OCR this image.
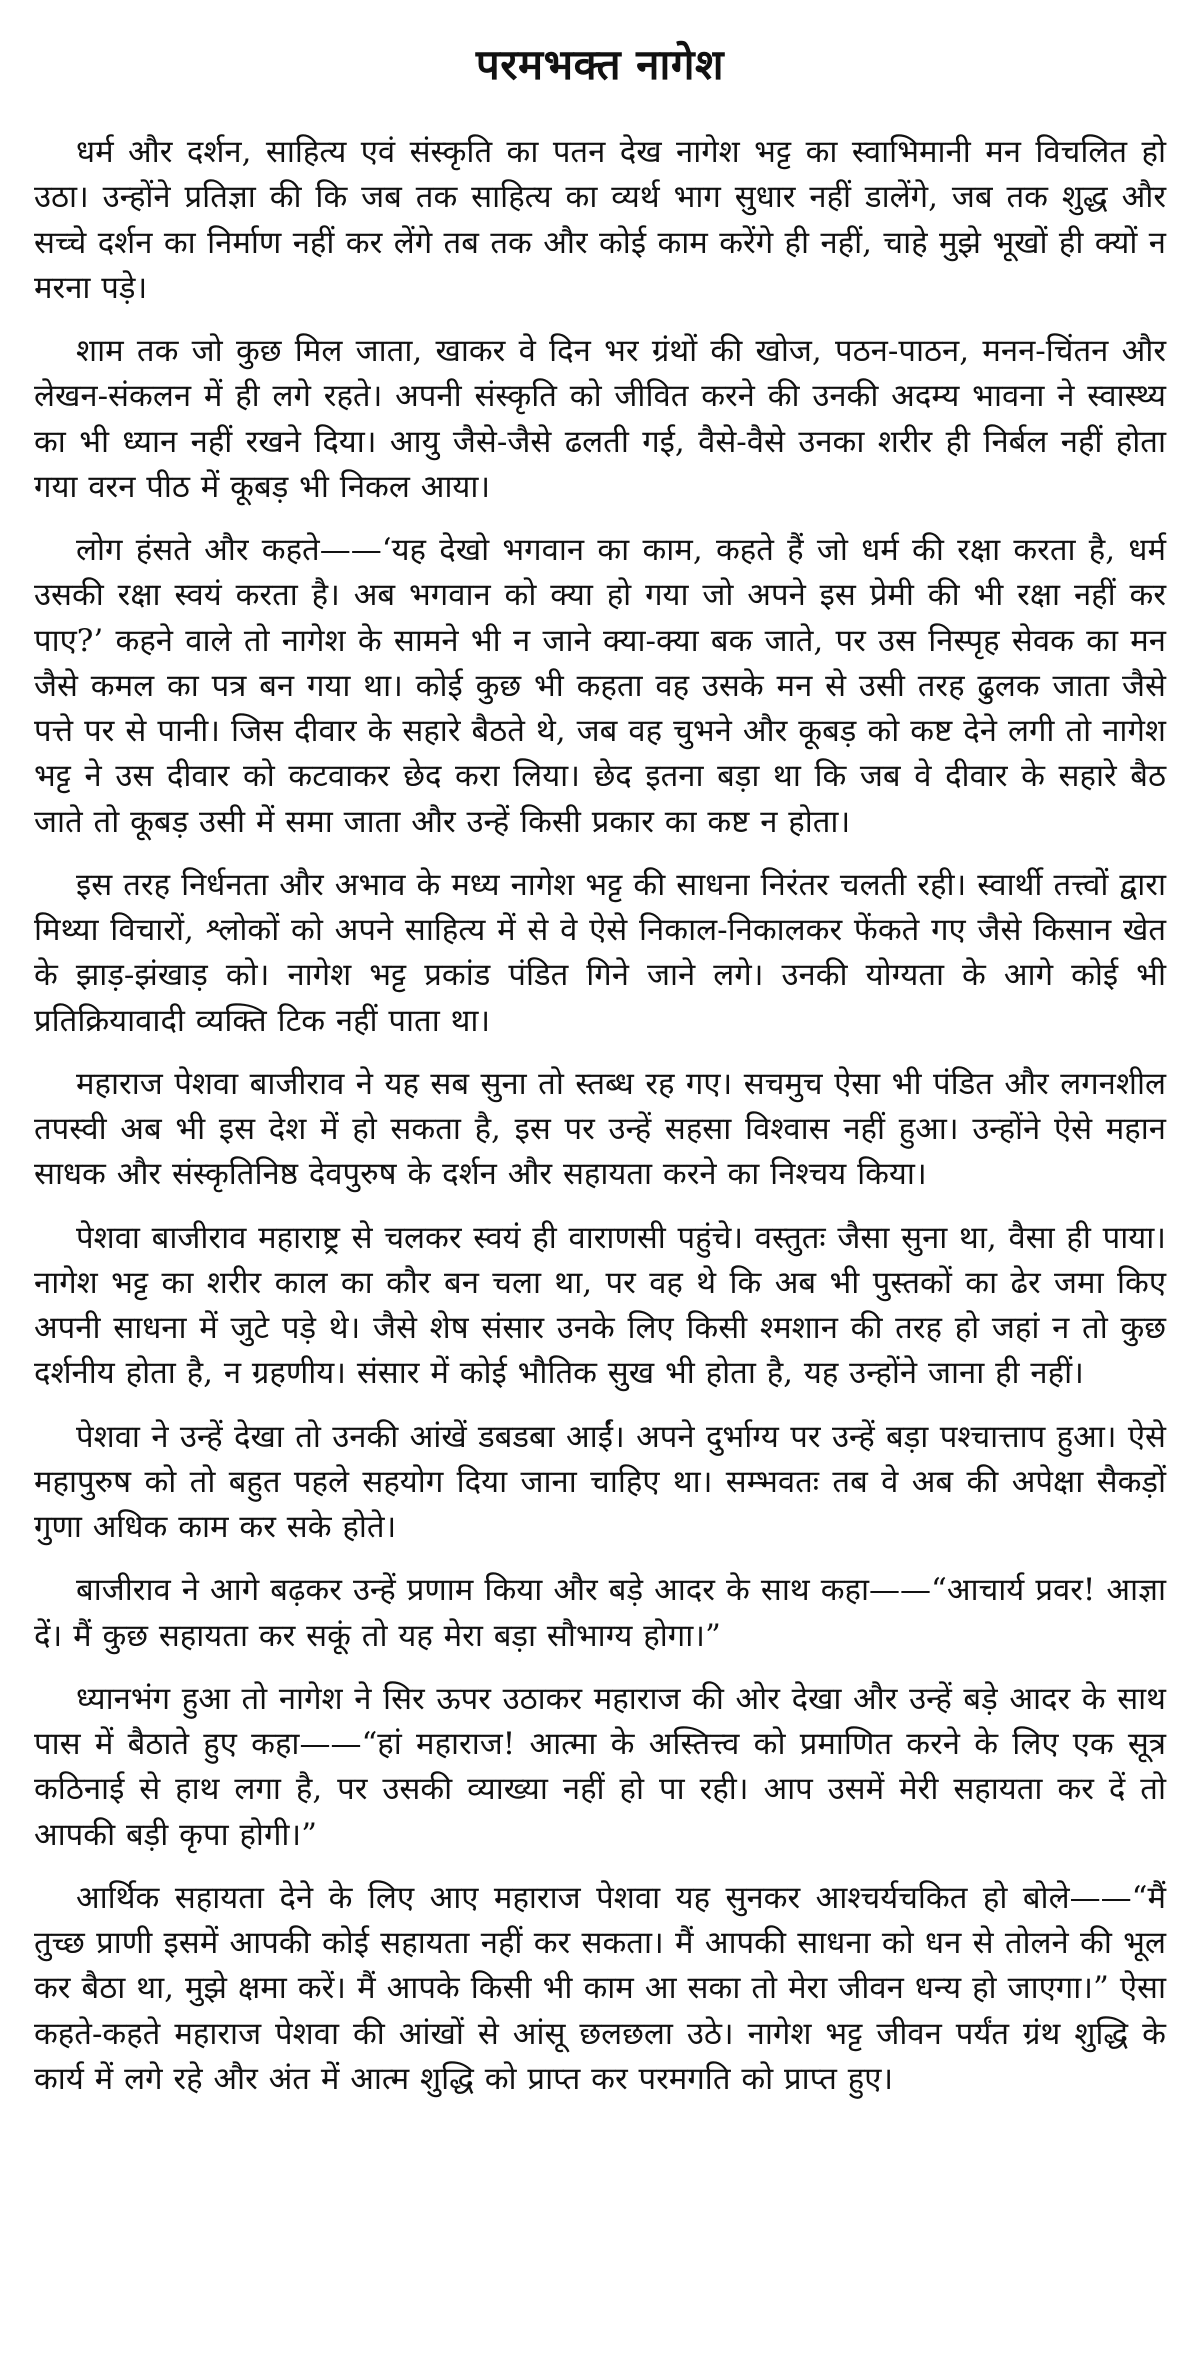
परमभक्त नागेश

धर्म और दर्शन, साहित्य एवं संस्कृति का पतन देख नागेश भट्ट का स्वाभिमानी मन विचलित हो उठा। उन्होंने प्रतिज्ञा की कि जब तक साहित्य का व्यर्थ भाग सुधार नहीं डालेंगे, जब तक शुद्ध और सच्चे दर्शन का निर्माण नहीं कर लेंगे तब तक और कोई काम करेंगे ही नहीं, चाहे मुझे भूखों ही क्यों न मरना पड़े।

शाम तक जो कुछ मिल जाता, खाकर वे दिन भर ग्रंथों की खोज, पठन-पाठन, मनन-चिंतन और लेखन-संकलन में ही लगे रहते। अपनी संस्कृति को जीवित करने की उनकी अदम्य भावना ने स्वास्थ्य का भी ध्यान नहीं रखने दिया। आयु जैसे-जैसे ढलती गई, वैसे-वैसे उनका शरीर ही निर्बल नहीं होता गया वरन पीठ में कूबड़ भी निकल आया।

लोग हंसते और कहते——‘यह देखो भगवान का काम, कहते हैं जो धर्म की रक्षा करता है, धर्म उसकी रक्षा स्वयं करता है। अब भगवान को क्या हो गया जो अपने इस प्रेमी की भी रक्षा नहीं कर पाए?’ कहने वाले तो नागेश के सामने भी न जाने क्या-क्या बक जाते, पर उस निस्पृह सेवक का मन जैसे कमल का पत्र बन गया था। कोई कुछ भी कहता वह उसके मन से उसी तरह ढुलक जाता जैसे पत्ते पर से पानी। जिस दीवार के सहारे बैठते थे, जब वह चुभने और कूबड़ को कष्ट देने लगी तो नागेश भट्ट ने उस दीवार को कटवाकर छेद करा लिया। छेद इतना बड़ा था कि जब वे दीवार के सहारे बैठ जाते तो कूबड़ उसी में समा जाता और उन्हें किसी प्रकार का कष्ट न होता।

इस तरह निर्धनता और अभाव के मध्य नागेश भट्ट की साधना निरंतर चलती रही। स्वार्थी तत्त्वों द्वारा मिथ्या विचारों, श्लोकों को अपने साहित्य में से वे ऐसे निकाल-निकालकर फेंकते गए जैसे किसान खेत के झाड़-झंखाड़ को। नागेश भट्ट प्रकांड पंडित गिने जाने लगे। उनकी योग्यता के आगे कोई भी प्रतिक्रियावादी व्यक्ति टिक नहीं पाता था।

महाराज पेशवा बाजीराव ने यह सब सुना तो स्तब्ध रह गए। सचमुच ऐसा भी पंडित और लगनशील तपस्वी अब भी इस देश में हो सकता है, इस पर उन्हें सहसा विश्वास नहीं हुआ। उन्होंने ऐसे महान साधक और संस्कृतिनिष्ठ देवपुरुष के दर्शन और सहायता करने का निश्चय किया।

पेशवा बाजीराव महाराष्ट्र से चलकर स्वयं ही वाराणसी पहुंचे। वस्तुतः जैसा सुना था, वैसा ही पाया। नागेश भट्ट का शरीर काल का कौर बन चला था, पर वह थे कि अब भी पुस्तकों का ढेर जमा किए अपनी साधना में जुटे पड़े थे। जैसे शेष संसार उनके लिए किसी श्मशान की तरह हो जहां न तो कुछ दर्शनीय होता है, न ग्रहणीय। संसार में कोई भौतिक सुख भी होता है, यह उन्होंने जाना ही नहीं।

पेशवा ने उन्हें देखा तो उनकी आंखें डबडबा आईं। अपने दुर्भाग्य पर उन्हें बड़ा पश्चात्ताप हुआ। ऐसे महापुरुष को तो बहुत पहले सहयोग दिया जाना चाहिए था। सम्भवतः तब वे अब की अपेक्षा सैकड़ों गुणा अधिक काम कर सके होते।

बाजीराव ने आगे बढ़कर उन्हें प्रणाम किया और बड़े आदर के साथ कहा——“आचार्य प्रवर! आज्ञा दें। मैं कुछ सहायता कर सकूं तो यह मेरा बड़ा सौभाग्य होगा।”

ध्यानभंग हुआ तो नागेश ने सिर ऊपर उठाकर महाराज की ओर देखा और उन्हें बड़े आदर के साथ पास में बैठाते हुए कहा——“हां महाराज! आत्मा के अस्तित्त्व को प्रमाणित करने के लिए एक सूत्र कठिनाई से हाथ लगा है, पर उसकी व्याख्या नहीं हो पा रही। आप उसमें मेरी सहायता कर दें तो आपकी बड़ी कृपा होगी।”

आर्थिक सहायता देने के लिए आए महाराज पेशवा यह सुनकर आश्चर्यचकित हो बोले——“मैं तुच्छ प्राणी इसमें आपकी कोई सहायता नहीं कर सकता। मैं आपकी साधना को धन से तोलने की भूल कर बैठा था, मुझे क्षमा करें। मैं आपके किसी भी काम आ सका तो मेरा जीवन धन्य हो जाएगा।” ऐसा कहते-कहते महाराज पेशवा की आंखों से आंसू छलछला उठे। नागेश भट्ट जीवन पर्यंत ग्रंथ शुद्धि के कार्य में लगे रहे और अंत में आत्म शुद्धि को प्राप्त कर परमगति को प्राप्त हुए।
